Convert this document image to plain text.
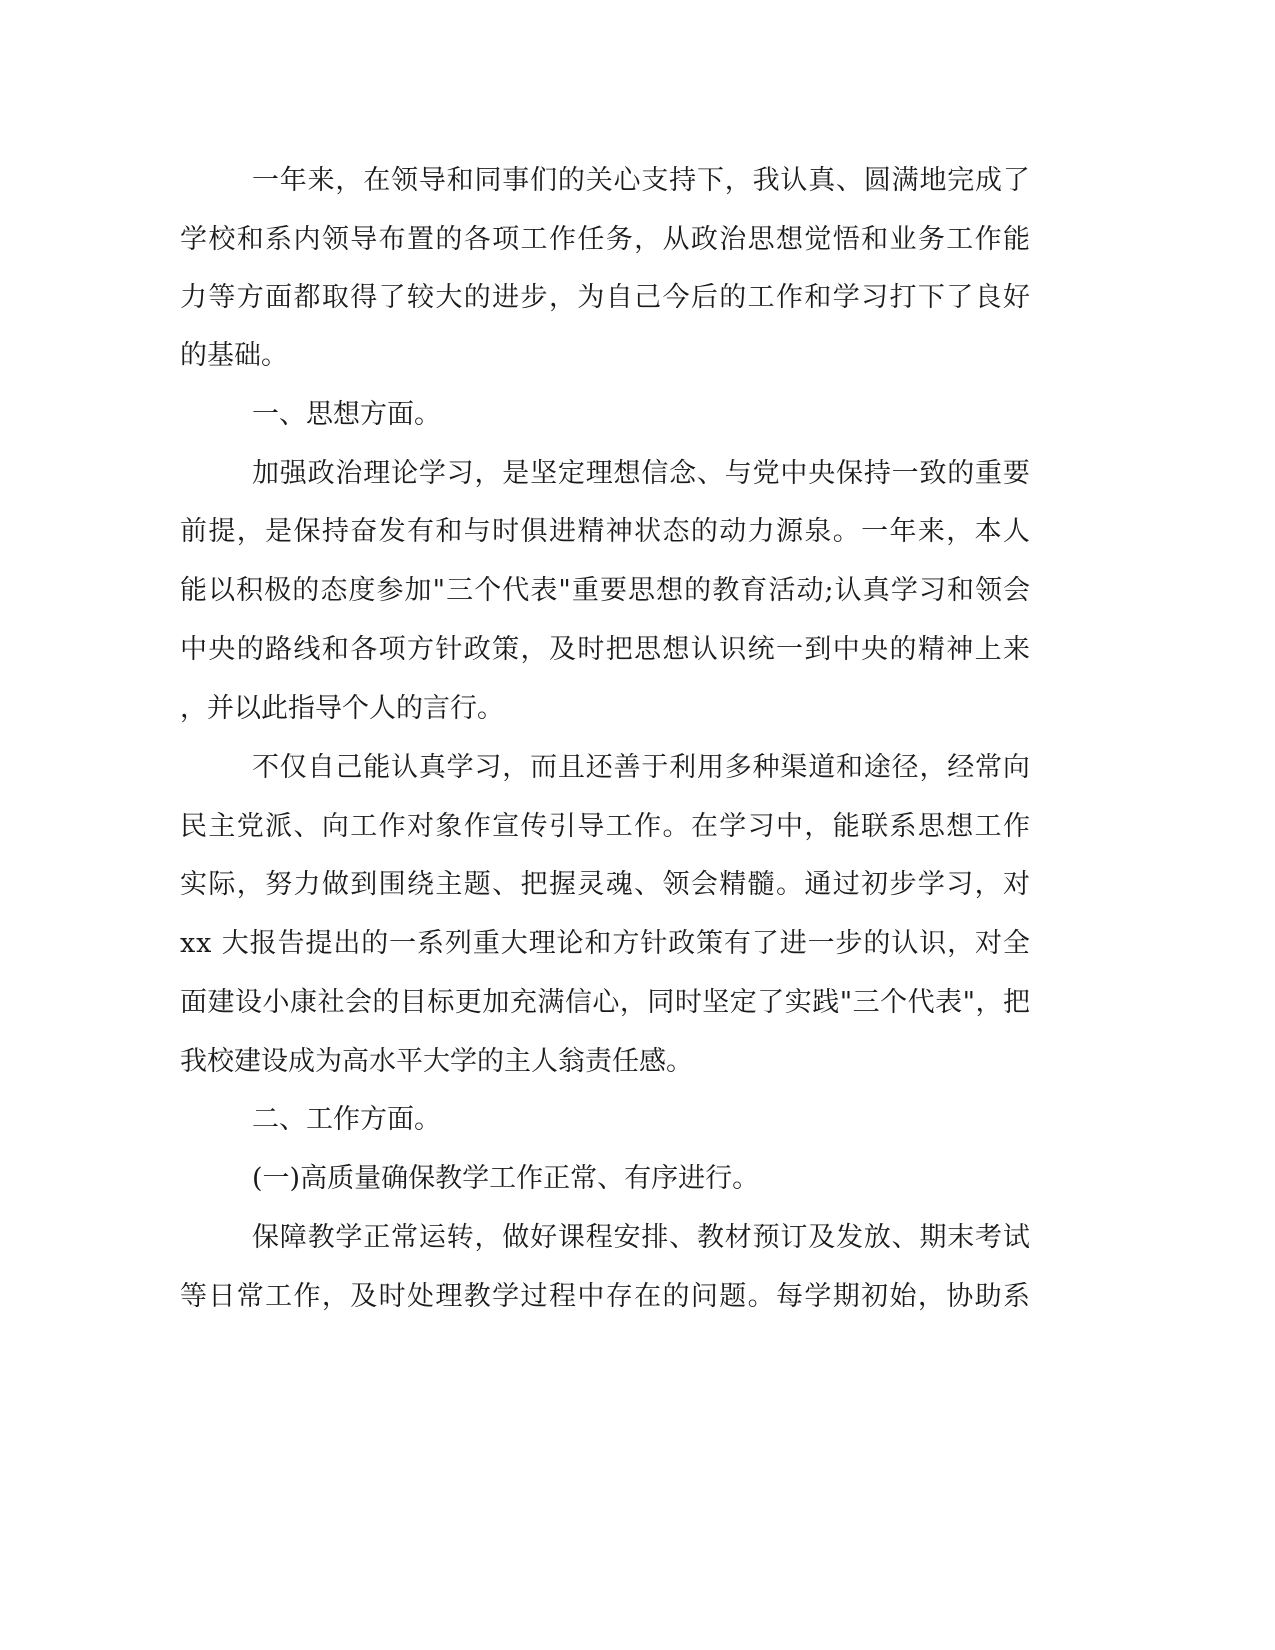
一年来，在领导和同事们的关心支持下，我认真、圆满地完成了
学校和系内领导布置的各项工作任务，从政治思想觉悟和业务工作能
力等方面都取得了较大的进步，为自己今后的工作和学习打下了良好
的基础。
一、思想方面。
加强政治理论学习，是坚定理想信念、与党中央保持一致的重要
前提，是保持奋发有和与时俱进精神状态的动力源泉。一年来，本人
能以积极的态度参加"三个代表"重要思想的教育活动;认真学习和领会
中央的路线和各项方针政策，及时把思想认识统一到中央的精神上来
，并以此指导个人的言行。
不仅自己能认真学习，而且还善于利用多种渠道和途径，经常向
民主党派、向工作对象作宣传引导工作。在学习中，能联系思想工作
实际，努力做到围绕主题、把握灵魂、领会精髓。通过初步学习，对
xx 大报告提出的一系列重大理论和方针政策有了进一步的认识，对全
面建设小康社会的目标更加充满信心，同时坚定了实践"三个代表"，把
我校建设成为高水平大学的主人翁责任感。
二、工作方面。
(一)高质量确保教学工作正常、有序进行。
保障教学正常运转，做好课程安排、教材预订及发放、期末考试
等日常工作，及时处理教学过程中存在的问题。每学期初始，协助系
